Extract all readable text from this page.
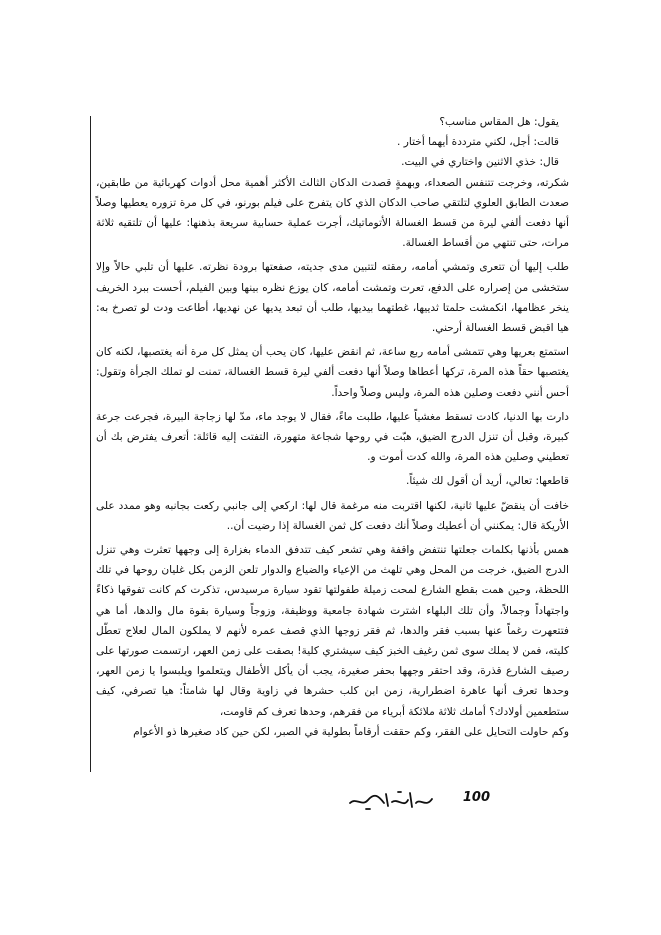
يقول: هل المقاس مناسب؟

قالت: أجل، لكني مترددة أيهما أختار .

قال: خذي الاثنين واختاري في البيت.

شكرته، وخرجت تتنفس الصعداء، وبهمةٍ قصدت الدكان الثالث الأكثر أهمية محل أدوات كهربائية من طابقين، صعدت الطابق العلوي لتلتقي صاحب الدكان الذي كان يتفرج على فيلم بورنو، في كل مرة تزوره يعطيها وصلاً أنها دفعت ألفي ليرة من قسط الغسالة الأتوماتيك، أجرت عملية حسابية سريعة بذهنها: عليها أن تلتقيه ثلاثة مرات، حتى تنتهي من أقساط الغسالة.

طلب إليها أن تتعرى وتمشي أمامه، رمقته لتتبين مدى جديته، صفعتها برودة نظرته. عليها أن تلبي حالاً وإلا ستخشى من إصراره على الدفع، تعرت وتمشت أمامه، كان يوزع نظره بينها وبين الفيلم، أحست ببرد الخريف ينخر عظامها، انكمشت حلمتا ثدييها، غطتهما بيديها، طلب أن تبعد يديها عن نهديها، أطاعت ودت لو تصرخ به: هيا اقبض قسط الغسالة أرحني.

استمتع بعريها وهي تتمشى أمامه ربع ساعة، ثم انقض عليها، كان يحب أن يمثل كل مرة أنه يغتصبها، لكنه كان يغتصبها حقاً هذه المرة، تركها أعطاها وصلاً أنها دفعت ألفي ليرة قسط الغسالة، تمنت لو تملك الجرأة وتقول: أحس أنني دفعت وصلين هذه المرة، وليس وصلاً واحداً.

دارت بها الدنيا، كادت تسقط مغشياً عليها، طلبت ماءً، فقال لا يوجد ماء، مدّ لها زجاجة البيرة، فجرعت جرعة كبيرة، وقبل أن تنزل الدرج الضيق، هبّت في روحها شجاعة متهورة، التفتت إليه قائلة: أتعرف يفترض بك أن تعطيني وصلين هذه المرة، والله كدت أموت و.

قاطعها: تعالي، أريد أن أقول لك شيئاً.

خافت أن ينقضّ عليها ثانية، لكنها اقتربت منه مرغمة قال لها: اركعي إلى جانبي ركعت بجانبه وهو ممدد على الأريكة قال: يمكنني أن أعطيك وصلاً أنك دفعت كل ثمن الغسالة إذا رضيت أن..

همس بأذنها بكلمات جعلتها تنتفض واقفة وهي تشعر كيف تتدفق الدماء بغزارة إلى وجهها تعثرت وهي تنزل الدرج الضيق، خرجت من المحل وهي تلهث من الإعياء والضياع والدوار تلعن الزمن بكل غليان روحها في تلك اللحظة، وحين همت بقطع الشارع لمحت زميلة طفولتها تقود سيارة مرسيدس، تذكرت كم كانت تفوقها ذكاءً واجتهاداً وجمالاً، وأن تلك البلهاء اشترت شهادة جامعية ووظيفة، وزوجاً وسيارة بقوة مال والدها، أما هي فتتعهرت رغماً عنها بسبب فقر والدها، ثم فقر زوجها الذي قصف عمره لأنهم لا يملكون المال لعلاج تعطّل كليته، فمن لا يملك سوى ثمن رغيف الخبز كيف سيشتري كلية! بصقت على زمن العهر، ارتسمت صورتها على رصيف الشارع قذرة، وقد احتقر وجهها بحفر صغيرة، يجب أن يأكل الأطفال ويتعلموا ويلبسوا يا زمن العهر، وحدها تعرف أنها عاهرة اضطرارية، زمن ابن كلب حشرها في زاوية وقال لها شامتاً: هيا تصرفي، كيف ستطعمين أولادك؟ أمامك ثلاثة ملائكة أبرياء من فقرهم، وحدها تعرف كم قاومت،

وكم حاولت التحايل على الفقر، وكم حققت أرقاماً بطولية في الصبر، لكن حين كاد صغيرها ذو الأعوام

100
